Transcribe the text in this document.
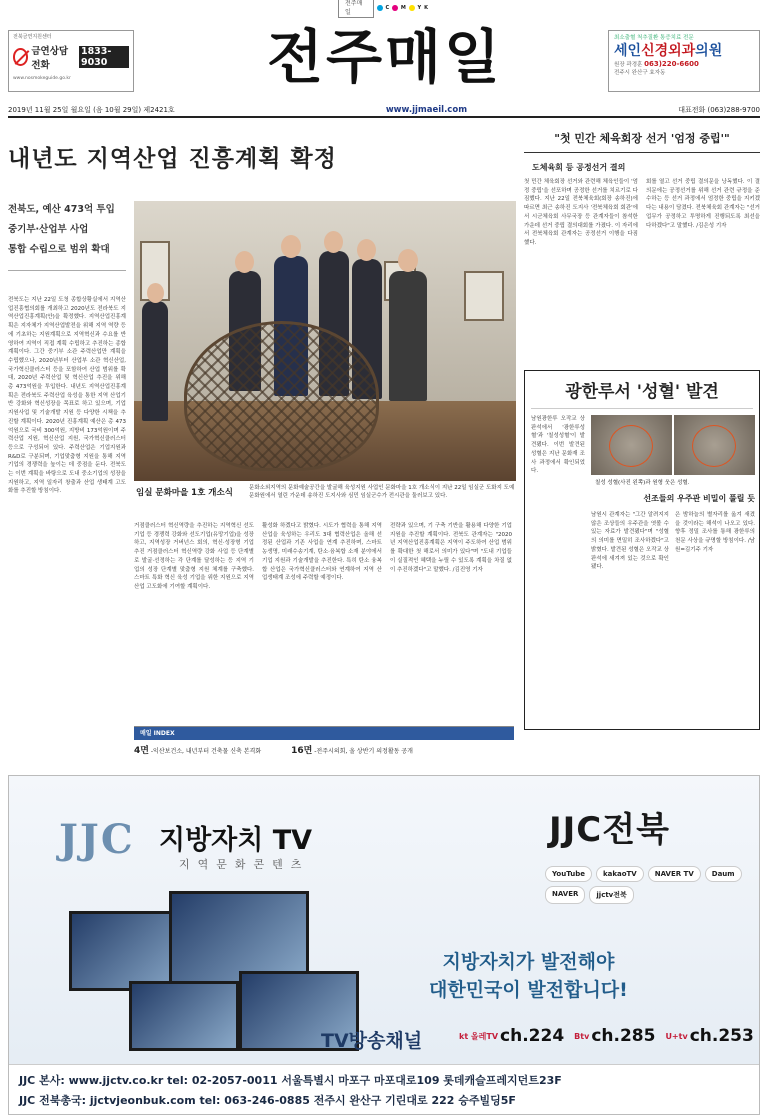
전주매일
C M Y K
전북금연지원센터
금연상담전화
1833-9030
www.nosmokeguide.go.kr	전주매일	최소출혈 척추질환 통증치료 전문
세인신경외과의원
원장 곽경훈 063)220-6600
전주시 완산구 효자동
2019년 11월 25일 월요일 (음 10월 29일) 제2421호	www.jjmaeil.com	대표전화 (063)288-9700
내년도 지역산업 진흥계획 확정
전북도, 예산 473억 투입
중기부·산업부 사업
통합 수립으로 범위 확대
전북도는 지난 22일 도청 종합상황실에서 지역산업진흥협의회를 개최하고 2020년도 전라북도 지역산업진흥계획(안)을 확정했다. 지역산업진흥계획은 지자체가 지역산업발전을 위해 지역 역량 등에 기초하는 지원계획으로 지역혁신과 수요를 반영하여 지역이 직접 계획 수립하고 추진하는 종합계획이다. 그간 중기부 소관 주력산업만 계획을 수립했으나, 2020년부터 산업부 소관 혁신산업, 국가혁신클러스터 등을 포함하여 산업 범위를 확대, 2020년 주력산업 및 혁신산업 추진을 위해 총 473억원을 투입한다. 내년도 지역산업진흥계획은 전라북도 주력산업 육성을 통한 지역 산업기반 강화와 혁신성장을 목표로 하고 있으며, 기업 지원사업 및 기술개발 지원 등 다양한 시책을 추진할 계획이다. 2020년 진흥계획 예산은 총 473억원으로 국비 300억원, 지방비 173억원이며 주력산업 지원, 혁신산업 지원, 국가혁신클러스터 등으로 구성되어 있다. 주력산업은 기업지원과 R&D로 구분되며, 기업맞춤형 지원을 통해 지역 기업의 경쟁력을 높이는 데 중점을 둔다. 전북도는 이번 계획을 바탕으로 도내 중소기업의 성장을 지원하고, 지역 일자리 창출과 산업 생태계 고도화를 추진할 방침이다.	임실 문화마을 1호 개소식	문화소외지역의 문화예술공간을 발굴해 육성지원 사업인 문화마을 1호 개소식이 지난 22일 임실군 도화지 도예문화원에서 열린 가운데 송하진 도지사와 심민 임실군수가 전시관을 둘러보고 있다.
거점클러스터 혁신역량을 추진하는 지역혁신 선도기업 등 경쟁력 강화와 선도기업(유망기업)을 성장하고, 지역성장 거버넌스 회의, 혁신·성장형 기업 추진 거점클러스터 혁신역량 강화 사업 등 단계별로 발굴·선정하는 각 단계를 달성하는 등 지역 기업의 성장 단계별 맞춤형 지원 체계를 구축했다. 스마트 특화 혁신 육성 기업을 위한 지원으로 지역 산업 고도화에 기여할 계획이다.
활성화 하겠다고 밝혔다. 시도가 협력을 통해 지역산업을 육성하는 우리도 3대 협력산업은 올해 선정된 산업과 기존 사업을 연계 추진하며, 스마트 농생명, 미래수송기계, 탄소·융복합 소재 분야에서 기업 지원과 기술개발을 추진한다. 특히 탄소 융복합 산업은 국가혁신클러스터와 연계하여 지역 산업생태계 조성에 주력할 예정이다.
전략과 있으며, 기 구축 기반을 활용해 다양한 기업 지원을 추진할 계획이다. 전북도 관계자는 "2020년 지역산업진흥계획은 지역이 주도하여 산업 범위를 확대한 첫 해로서 의미가 있다"며 "도내 기업들이 실질적인 혜택을 누릴 수 있도록 계획을 차질 없이 추진하겠다"고 말했다. /김진영 기자
매일 INDEX
4면 -익산보건소, 내년부터 건축물 신축 본격화	16면 -전주시의회, 올 상반기 의정활동 공개
"첫 민간 체육회장 선거 '엄정 중립'"
도체육회 등 공정선거 결의
첫 민간 체육회장 선거와 관련해 체육인들이 '엄정 중립'을 선포하며 공정한 선거를 치르기로 다짐했다. 지난 22일 전북체육회(회장 송하진)에 따르면 최근 송하진 도지사 '전북체육회 회관'에서 시군체육회 사무국장 등 관계자들이 참석한 가운데 선거 중립 결의대회를 가졌다. 이 자리에서 전북체육회 관계자는 공정선거 이행을 다짐했다.
회를 열고 선거 중립 결의문을 낭독했다. 이 결의문에는 공정선거를 위해 선거 관련 규정을 준수하는 등 선거 과정에서 엄정한 중립을 지키겠다는 내용이 담겼다. 전북체육회 관계자는 "선거 업무가 공정하고 투명하게 진행되도록 최선을 다하겠다"고 말했다. /김은성 기자
광한루서 '성혈' 발견
남원광한루 오작교 상판석에서 '광한루성혈'과 '칠성성혈'이 발견됐다. 이번 발견된 성혈은 지난 문화재 조사 과정에서 확인되었다.
칠성 성혈(사진 왼쪽)과 원형 웃은 성혈.
선조들의 우주관 비밀이 풀릴 듯
남원시 관계자는 "그간 알려지지 않은 조상들의 우주관을 엿볼 수 있는 자료가 발견됐다"며 "성혈의 의미를 면밀히 조사하겠다"고 밝혔다. 발견된 성혈은 오작교 상판석에 새겨져 있는 것으로 확인됐다.
은 밤하늘의 별자리를 옮겨 새겼을 것이라는 해석이 나오고 있다. 향후 정밀 조사를 통해 광한루의 천문 사상을 규명할 방침이다. /남원=김기주 기자
JJC 지방자치 TV
지역문화콘텐츠
JJC전북
YouTube	kakaoTV	NAVER TV	Daum
NAVER	jjctv전북
지방자치가 발전해야
대한민국이 발전합니다!
TV방송채널	kt 올레TV ch.224 Btv ch.285 U+tv ch.253
JJC 본사: www.jjctv.co.kr tel: 02-2057-0011 서울특별시 마포구 마포대로109 롯데캐슬프레지던트23F
JJC 전북총국: jjctvjeonbuk.com tel: 063-246-0885 전주시 완산구 기린대로 222 승주빌딩5F
